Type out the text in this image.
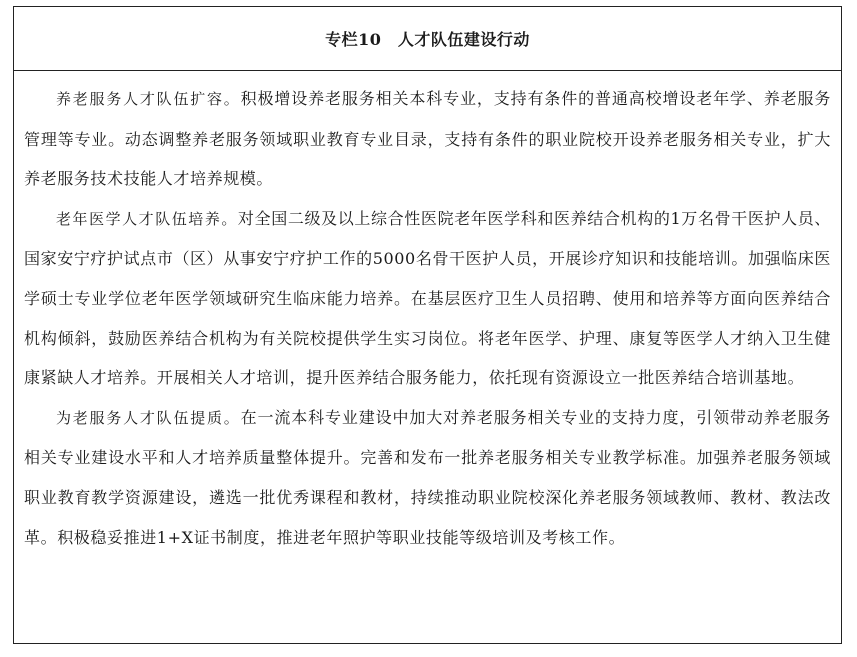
专栏10　人才队伍建设行动

养老服务人才队伍扩容。积极增设养老服务相关本科专业，支持有条件的普通高校增设老年学、养老服务管理等专业。动态调整养老服务领域职业教育专业目录，支持有条件的职业院校开设养老服务相关专业，扩大养老服务技术技能人才培养规模。

老年医学人才队伍培养。对全国二级及以上综合性医院老年医学科和医养结合机构的1万名骨干医护人员、国家安宁疗护试点市（区）从事安宁疗护工作的5000名骨干医护人员，开展诊疗知识和技能培训。加强临床医学硕士专业学位老年医学领域研究生临床能力培养。在基层医疗卫生人员招聘、使用和培养等方面向医养结合机构倾斜，鼓励医养结合机构为有关院校提供学生实习岗位。将老年医学、护理、康复等医学人才纳入卫生健康紧缺人才培养。开展相关人才培训，提升医养结合服务能力，依托现有资源设立一批医养结合培训基地。

为老服务人才队伍提质。在一流本科专业建设中加大对养老服务相关专业的支持力度，引领带动养老服务相关专业建设水平和人才培养质量整体提升。完善和发布一批养老服务相关专业教学标准。加强养老服务领域职业教育教学资源建设，遴选一批优秀课程和教材，持续推动职业院校深化养老服务领域教师、教材、教法改革。积极稳妥推进1+X证书制度，推进老年照护等职业技能等级培训及考核工作。
